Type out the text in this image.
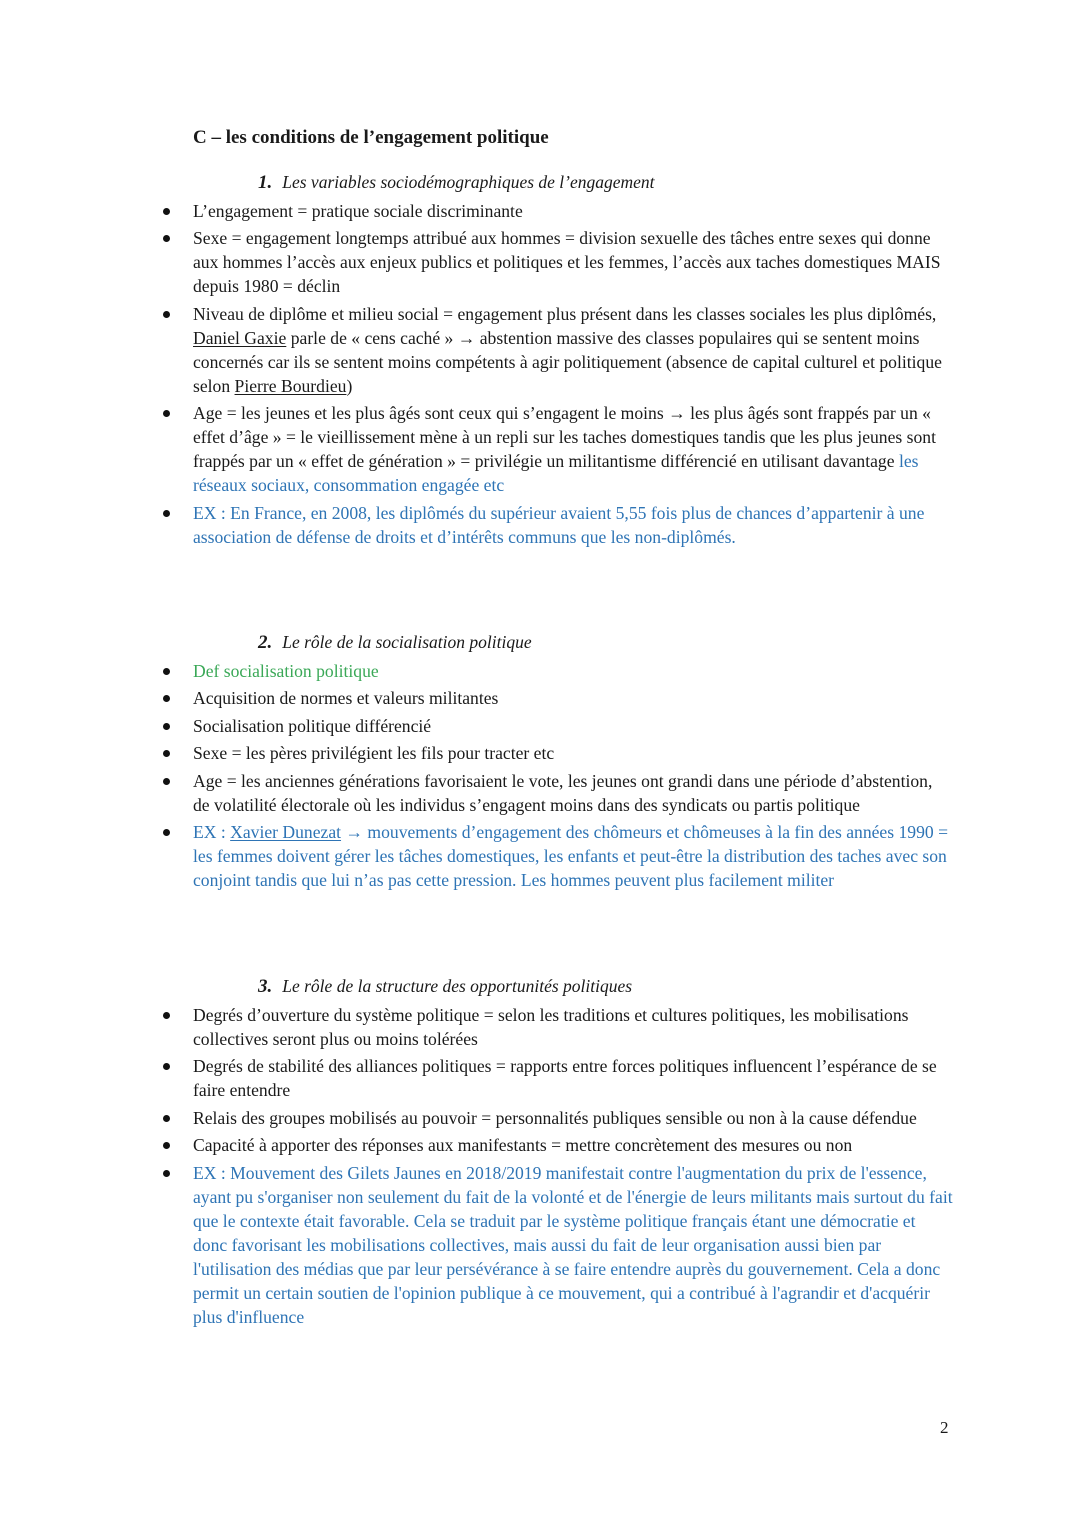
C – les conditions de l’engagement politique
1. Les variables sociodémographiques de l’engagement
L’engagement = pratique sociale discriminante
Sexe = engagement longtemps attribué aux hommes = division sexuelle des tâches entre sexes qui donne aux hommes l’accès aux enjeux publics et politiques et les femmes, l’accès aux taches domestiques MAIS depuis 1980 = déclin
Niveau de diplôme et milieu social = engagement plus présent dans les classes sociales les plus diplômés, Daniel Gaxie parle de « cens caché » → abstention massive des classes populaires qui se sentent moins concernés car ils se sentent moins compétents à agir politiquement (absence de capital culturel et politique selon Pierre Bourdieu)
Age = les jeunes et les plus âgés sont ceux qui s’engagent le moins → les plus âgés sont frappés par un « effet d’âge » = le vieillissement mène à un repli sur les taches domestiques tandis que les plus jeunes sont frappés par un « effet de génération » = privilégie un militantisme différencié en utilisant davantage les réseaux sociaux, consommation engagée etc
EX : En France, en 2008, les diplômés du supérieur avaient 5,55 fois plus de chances d’appartenir à une association de défense de droits et d’intérêts communs que les non-diplômés.
2. Le rôle de la socialisation politique
Def socialisation politique
Acquisition de normes et valeurs militantes
Socialisation politique différencié
Sexe = les pères privilégient les fils pour tracter etc
Age = les anciennes générations favorisaient le vote, les jeunes ont grandi dans une période d’abstention, de volatilité électorale où les individus s’engagent moins dans des syndicats ou partis politique
EX : Xavier Dunezat → mouvements d’engagement des chômeurs et chômeuses à la fin des années 1990 = les femmes doivent gérer les tâches domestiques, les enfants et peut-être la distribution des taches avec son conjoint tandis que lui n’as pas cette pression. Les hommes peuvent plus facilement militer
3. Le rôle de la structure des opportunités politiques
Degrés d’ouverture du système politique = selon les traditions et cultures politiques, les mobilisations collectives seront plus ou moins tolérées
Degrés de stabilité des alliances politiques = rapports entre forces politiques influencent l’espérance de se faire entendre
Relais des groupes mobilisés au pouvoir = personnalités publiques sensible ou non à la cause défendue
Capacité à apporter des réponses aux manifestants = mettre concrètement des mesures ou non
EX : Mouvement des Gilets Jaunes en 2018/2019 manifestait contre l'augmentation du prix de l'essence, ayant pu s'organiser non seulement du fait de la volonté et de l'énergie de leurs militants mais surtout du fait que le contexte était favorable. Cela se traduit par le système politique français étant une démocratie et donc favorisant les mobilisations collectives, mais aussi du fait de leur organisation aussi bien par l'utilisation des médias que par leur persévérance à se faire entendre auprès du gouvernement. Cela a donc permit un certain soutien de l'opinion publique à ce mouvement, qui a contribué à l'agrandir et d'acquérir plus d'influence
2
